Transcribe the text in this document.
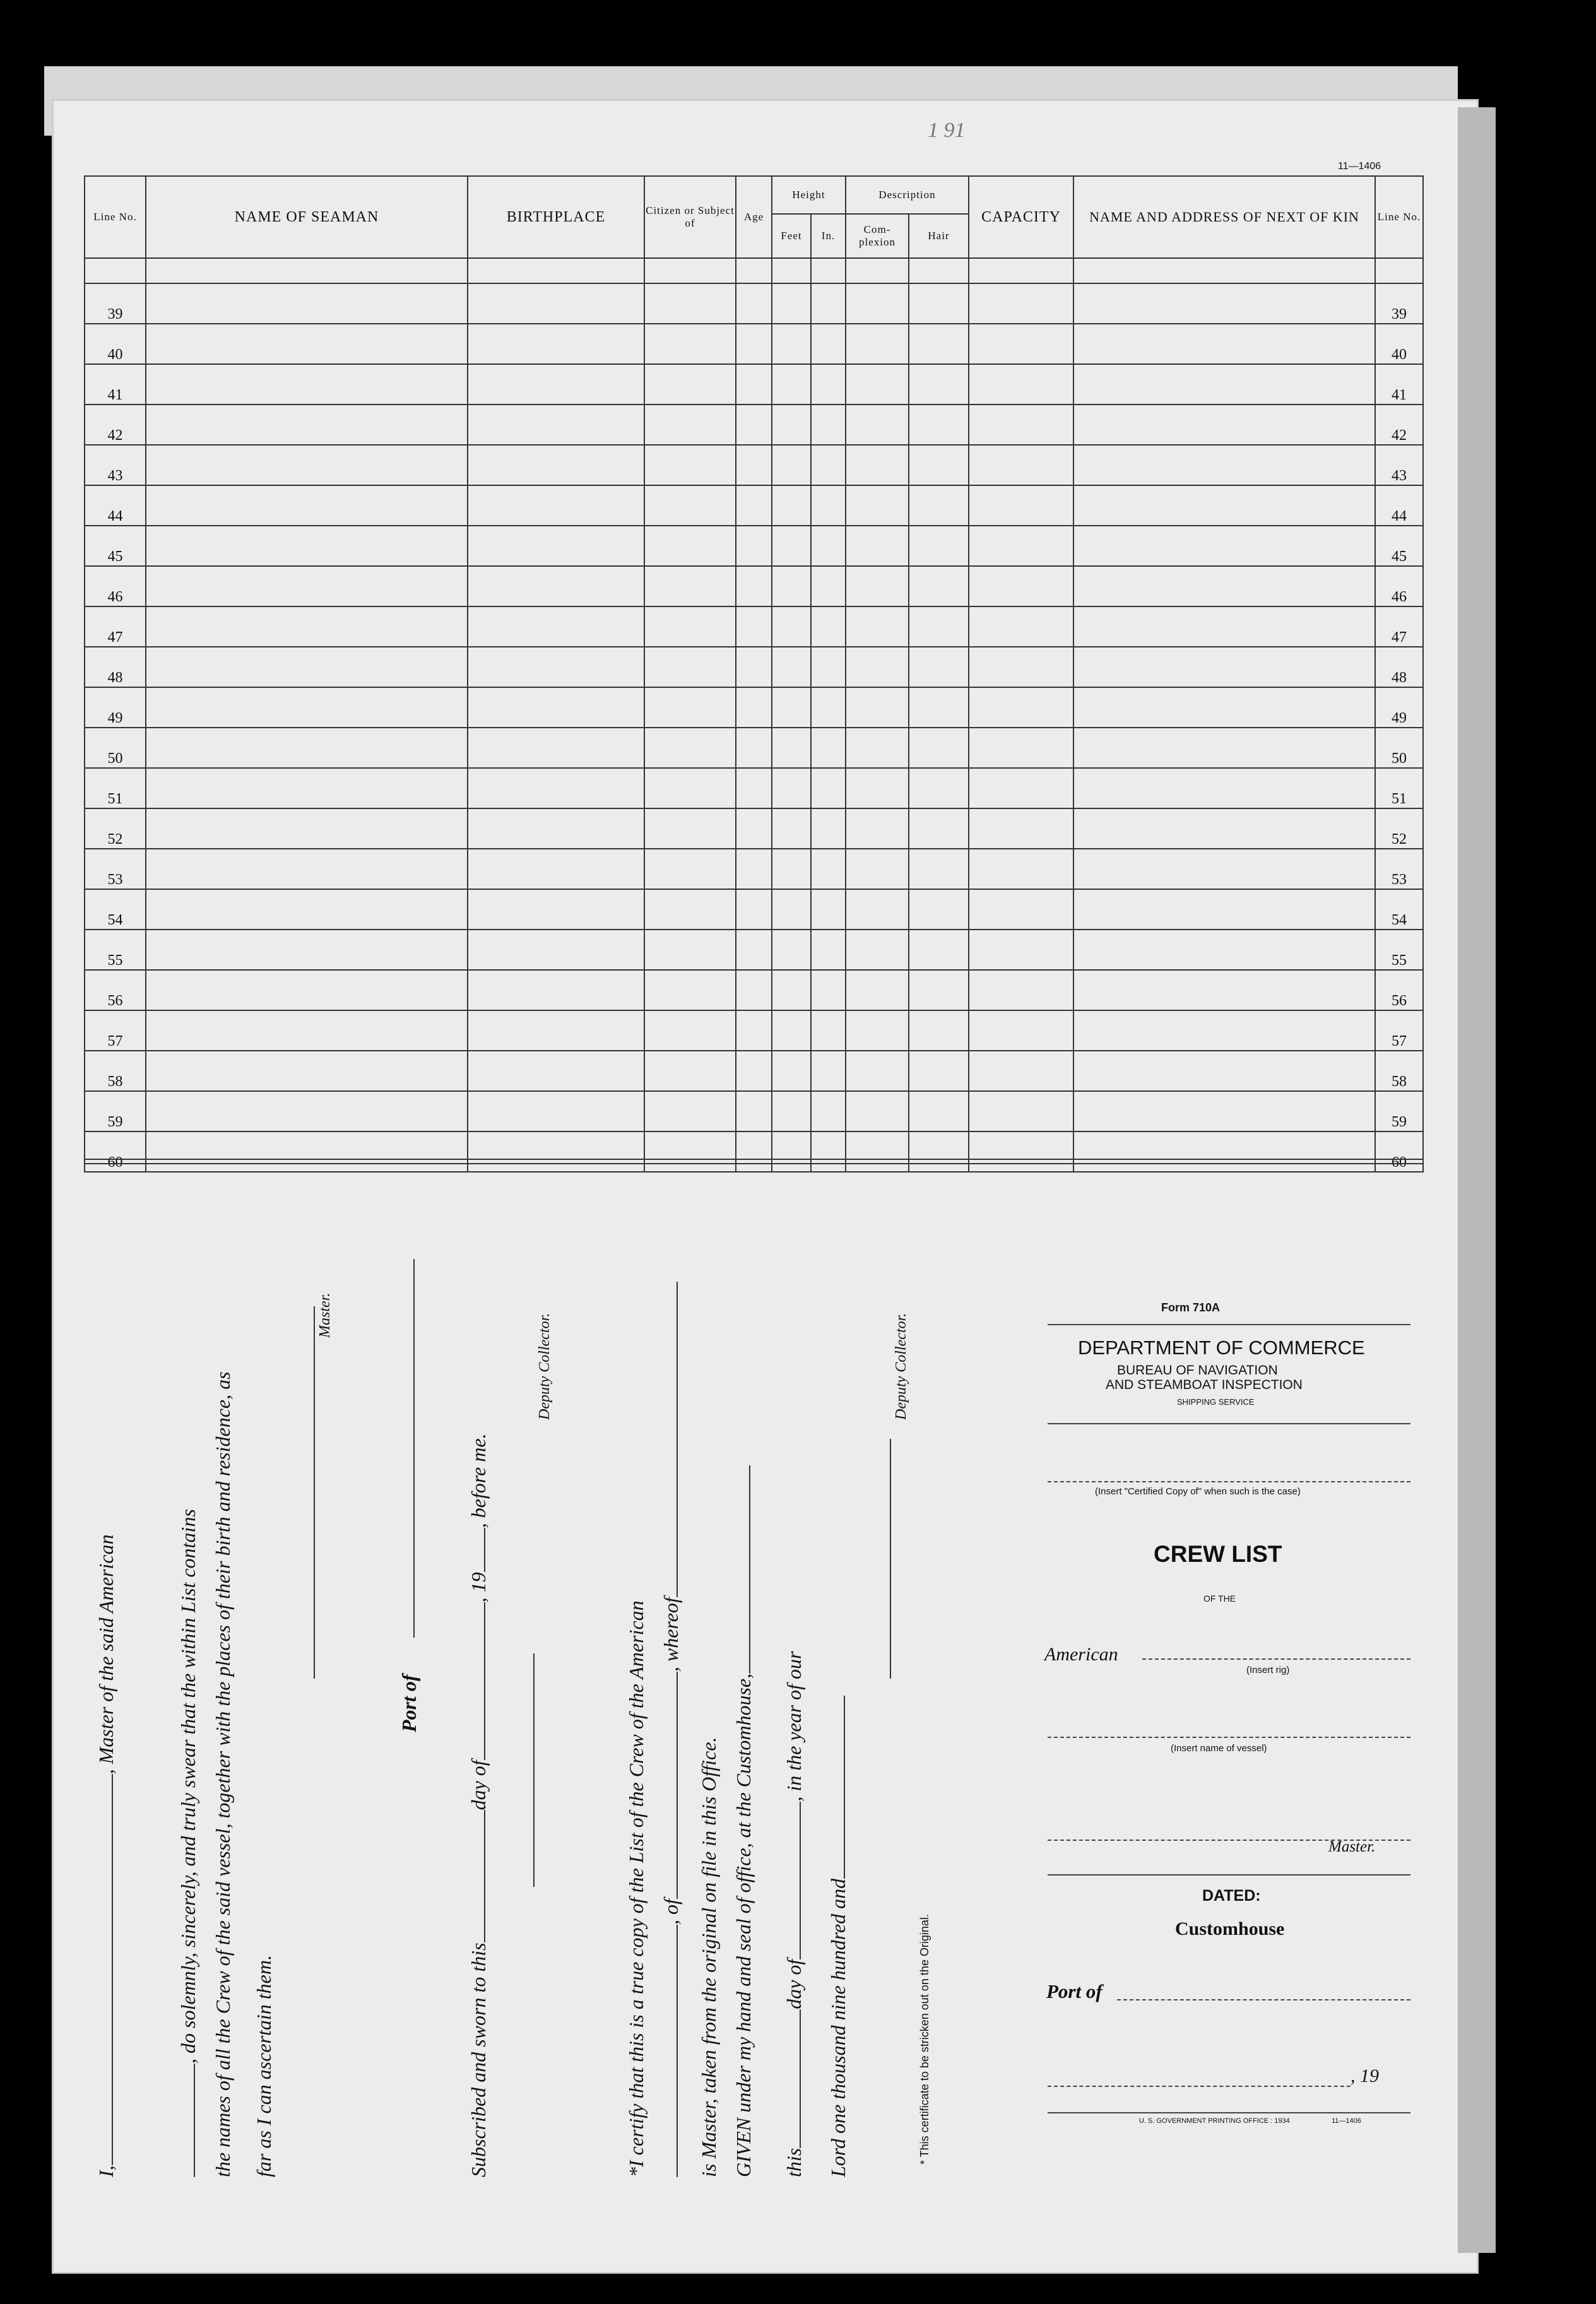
1 91
11—1406
Line No.	NAME OF SEAMAN	BIRTHPLACE	Citizen or Subject of	Age	Height		Description		CAPACITY	NAME AND ADDRESS OF NEXT OF KIN	Line No.
					Feet	In.	Com-plexion	Hair			

39											39
40											40
41											41
42											42
43											43
44											44
45											45
46											46
47											47
48											48
49											49
50											50
51											51
52											52
53											53
54											54
55											55
56											56
57											57
58											58
59											59
60											60
I,, Master of the said American	, do solemnly, sincerely, and truly swear that the within List contains the names of all the Crew of the said vessel, together with the places of their birth and residence, as far as I can ascertain them.
Master.
Port of
Subscribed and sworn to thisday of, 19, before me.
Deputy Collector.
*I certify that this is a true copy of the List of the Crew of the American , of, whereof
is Master, taken from the original on file in this Office. GIVEN under my hand and seal of office, at the Customhouse, thisday of, in the year of our
Lord one thousand nine hundred and
Deputy Collector.
* This certificate to be stricken out on the Original.
Form 710A
DEPARTMENT OF COMMERCE
BUREAU OF NAVIGATION
AND STEAMBOAT INSPECTION
SHIPPING SERVICE
(Insert "Certified Copy of" when such is the case)
CREW LIST
OF THE
American
(Insert rig)
(Insert name of vessel)
Master.
DATED:
Customhouse
Port of
, 19
U. S. GOVERNMENT PRINTING OFFICE : 1934	11—1406
